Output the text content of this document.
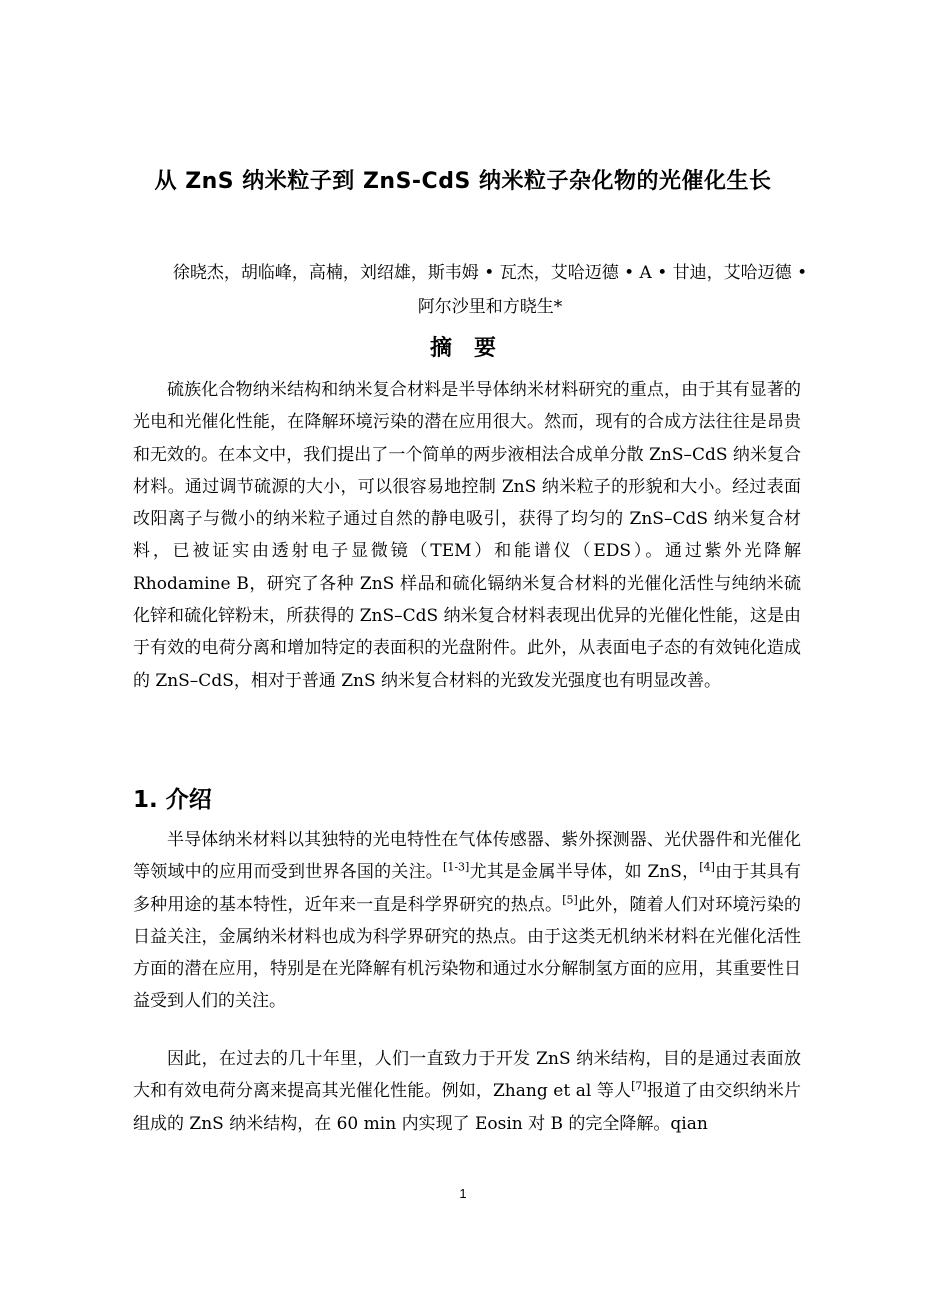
从 ZnS 纳米粒子到 ZnS-CdS 纳米粒子杂化物的光催化生长
徐晓杰，胡临峰，高楠，刘绍雄，斯韦姆 • 瓦杰，艾哈迈德 • A • 甘迪，艾哈迈德 • 阿尔沙里和方晓生*
摘要

硫族化合物纳米结构和纳米复合材料是半导体纳米材料研究的重点，由于其有显著的光电和光催化性能，在降解环境污染的潜在应用很大。然而，现有的合成方法往往是昂贵和无效的。在本文中，我们提出了一个简单的两步液相法合成单分散 ZnS–CdS 纳米复合材料。通过调节硫源的大小，可以很容易地控制 ZnS 纳米粒子的形貌和大小。经过表面改阳离子与微小的纳米粒子通过自然的静电吸引，获得了均匀的 ZnS–CdS 纳米复合材料，已被证实由透射电子显微镜（TEM）和能谱仪（EDS）。通过紫外光降解 Rhodamine B，研究了各种 ZnS 样品和硫化镉纳米复合材料的光催化活性与纯纳米硫化锌和硫化锌粉末，所获得的 ZnS–CdS 纳米复合材料表现出优异的光催化性能，这是由于有效的电荷分离和增加特定的表面积的光盘附件。此外，从表面电子态的有效钝化造成的 ZnS–CdS，相对于普通 ZnS 纳米复合材料的光致发光强度也有明显改善。

1. 介绍

半导体纳米材料以其独特的光电特性在气体传感器、紫外探测器、光伏器件和光催化等领域中的应用而受到世界各国的关注。[1-3]尤其是金属半导体，如 ZnS，[4]由于其具有多种用途的基本特性，近年来一直是科学界研究的热点。[5]此外，随着人们对环境污染的日益关注，金属纳米材料也成为科学界研究的热点。由于这类无机纳米材料在光催化活性方面的潜在应用，特别是在光降解有机污染物和通过水分解制氢方面的应用，其重要性日益受到人们的关注。

因此，在过去的几十年里，人们一直致力于开发 ZnS 纳米结构，目的是通过表面放大和有效电荷分离来提高其光催化性能。例如，Zhang et al 等人[7]报道了由交织纳米片组成的 ZnS 纳米结构，在 60 min 内实现了 Eosin 对 B 的完全降解。qian

1
